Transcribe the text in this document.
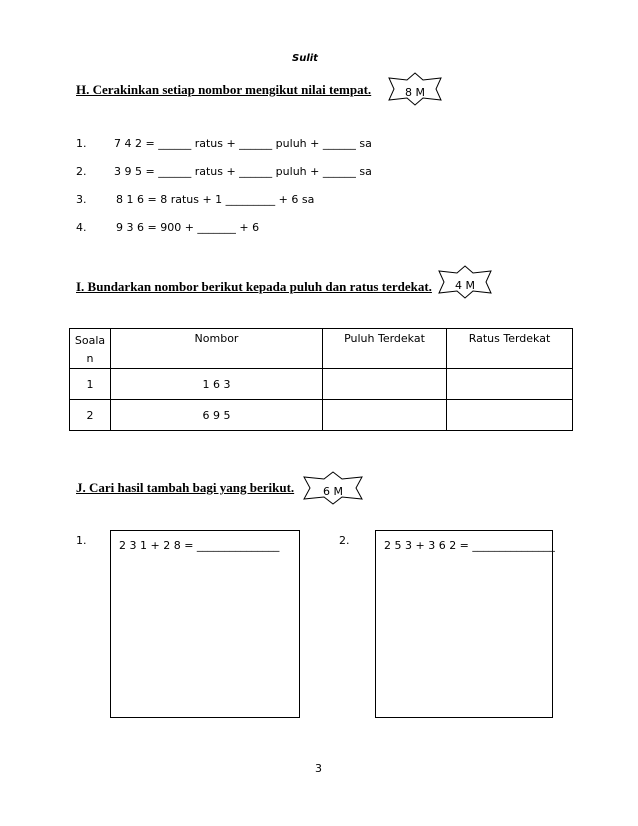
Sulit
H. Cerakinkan setiap nombor mengikut nilai tempat.	8 M
1.	7 4 2 = ______ ratus + ______ puluh + ______ sa
2.	3 9 5 = ______ ratus + ______ puluh + ______ sa
3.	8 1 6 = 8 ratus + 1 _________ + 6 sa
4.	9 3 6 = 900 + _______ + 6
I. Bundarkan nombor berikut kepada puluh dan ratus terdekat.	4 M
Soala
n	Nombor	Puluh Terdekat	Ratus Terdekat
1	1 6 3		
2	6 9 5		
J. Cari hasil tambah bagi yang berikut.	6 M
1.	2 3 1 + 2 8 = _______________	2.	2 5 3 + 3 6 2 = _______________
3
